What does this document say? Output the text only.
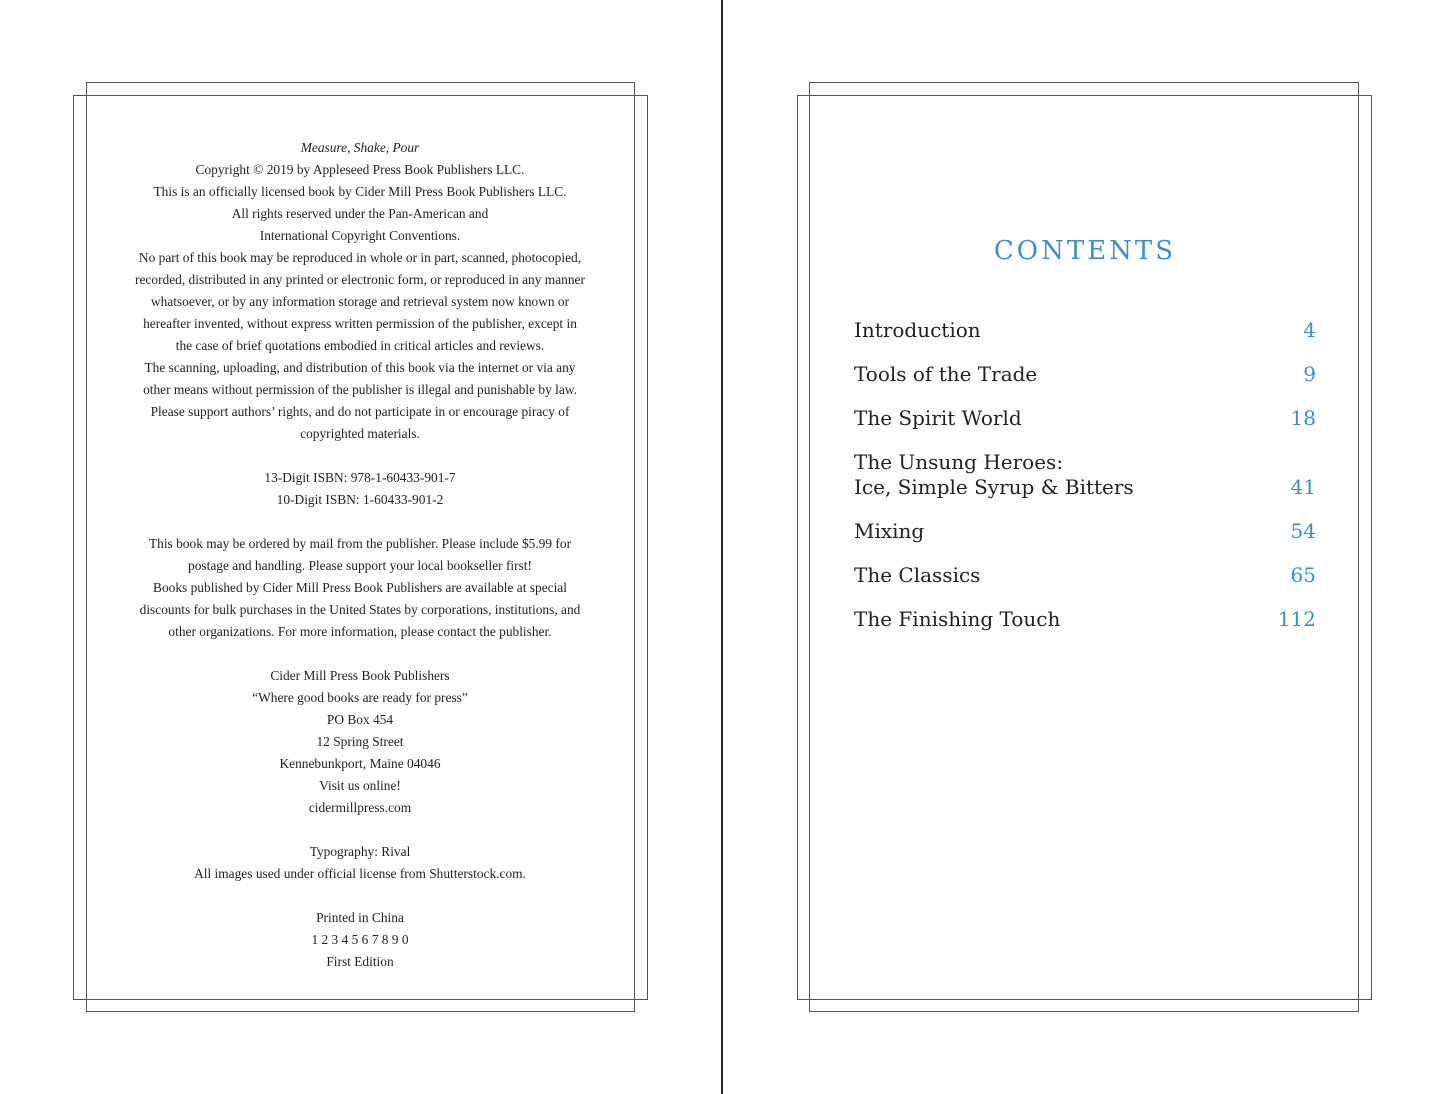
Measure, Shake, Pour
Copyright © 2019 by Appleseed Press Book Publishers LLC.
This is an officially licensed book by Cider Mill Press Book Publishers LLC.
All rights reserved under the Pan-American and
International Copyright Conventions.
No part of this book may be reproduced in whole or in part, scanned, photocopied,
recorded, distributed in any printed or electronic form, or reproduced in any manner
whatsoever, or by any information storage and retrieval system now known or
hereafter invented, without express written permission of the publisher, except in
the case of brief quotations embodied in critical articles and reviews.
The scanning, uploading, and distribution of this book via the internet or via any
other means without permission of the publisher is illegal and punishable by law.
Please support authors’ rights, and do not participate in or encourage piracy of
copyrighted materials.
13-Digit ISBN: 978-1-60433-901-7
10-Digit ISBN: 1-60433-901-2
This book may be ordered by mail from the publisher. Please include $5.99 for
postage and handling. Please support your local bookseller first!
Books published by Cider Mill Press Book Publishers are available at special
discounts for bulk purchases in the United States by corporations, institutions, and
other organizations. For more information, please contact the publisher.
Cider Mill Press Book Publishers
“Where good books are ready for press”
PO Box 454
12 Spring Street
Kennebunkport, Maine 04046
Visit us online!
cidermillpress.com
Typography: Rival
All images used under official license from Shutterstock.com.
Printed in China
1 2 3 4 5 6 7 8 9 0
First Edition
CONTENTS
Introduction	4
Tools of the Trade	9
The Spirit World	18
The Unsung Heroes:
Ice, Simple Syrup & Bitters	41
Mixing	54
The Classics	65
The Finishing Touch	112
